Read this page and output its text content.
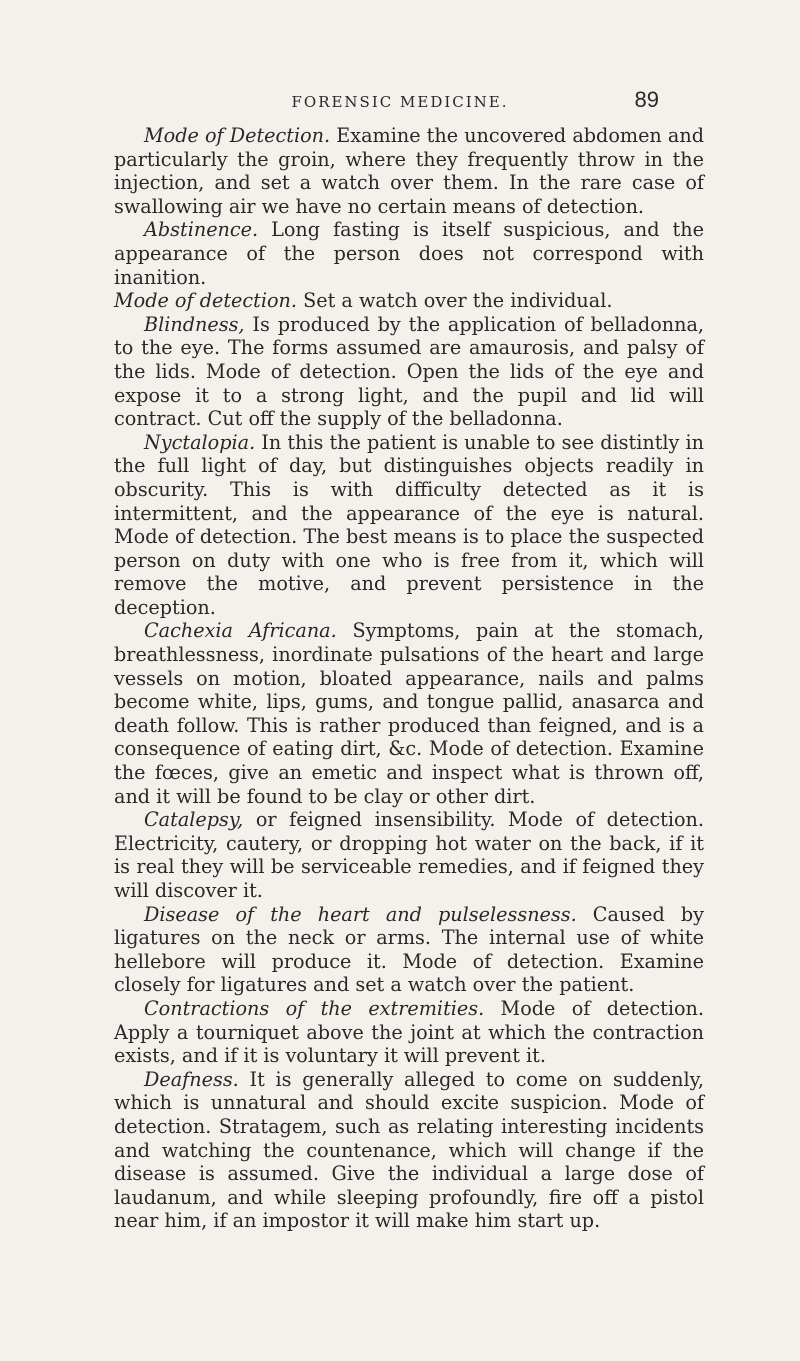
FORENSIC MEDICINE.	89

Mode of Detection. Examine the uncovered abdomen and particularly the groin, where they frequently throw in the injection, and set a watch over them. In the rare case of swallowing air we have no certain means of detection.

Abstinence. Long fasting is itself suspicious, and the appearance of the person does not correspond with inanition.

Mode of detection. Set a watch over the individual.

Blindness, Is produced by the application of belladonna, to the eye. The forms assumed are amaurosis, and palsy of the lids. Mode of detection. Open the lids of the eye and expose it to a strong light, and the pupil and lid will contract. Cut off the supply of the belladonna.

Nyctalopia. In this the patient is unable to see distintly in the full light of day, but distinguishes objects readily in obscurity. This is with difficulty detected as it is intermittent, and the appearance of the eye is natural. Mode of detection. The best means is to place the suspected person on duty with one who is free from it, which will remove the motive, and prevent persistence in the deception.

Cachexia Africana. Symptoms, pain at the stomach, breathlessness, inordinate pulsations of the heart and large vessels on motion, bloated appearance, nails and palms become white, lips, gums, and tongue pallid, anasarca and death follow. This is rather produced than feigned, and is a consequence of eating dirt, &c. Mode of detection. Examine the fœces, give an emetic and inspect what is thrown off, and it will be found to be clay or other dirt.

Catalepsy, or feigned insensibility. Mode of detection. Electricity, cautery, or dropping hot water on the back, if it is real they will be serviceable remedies, and if feigned they will discover it.

Disease of the heart and pulselessness. Caused by ligatures on the neck or arms. The internal use of white hellebore will produce it. Mode of detection. Examine closely for ligatures and set a watch over the patient.

Contractions of the extremities. Mode of detection. Apply a tourniquet above the joint at which the contraction exists, and if it is voluntary it will prevent it.

Deafness. It is generally alleged to come on suddenly, which is unnatural and should excite suspicion. Mode of detection. Stratagem, such as relating interesting incidents and watching the countenance, which will change if the disease is assumed. Give the individual a large dose of laudanum, and while sleeping profoundly, fire off a pistol near him, if an impostor it will make him start up.
